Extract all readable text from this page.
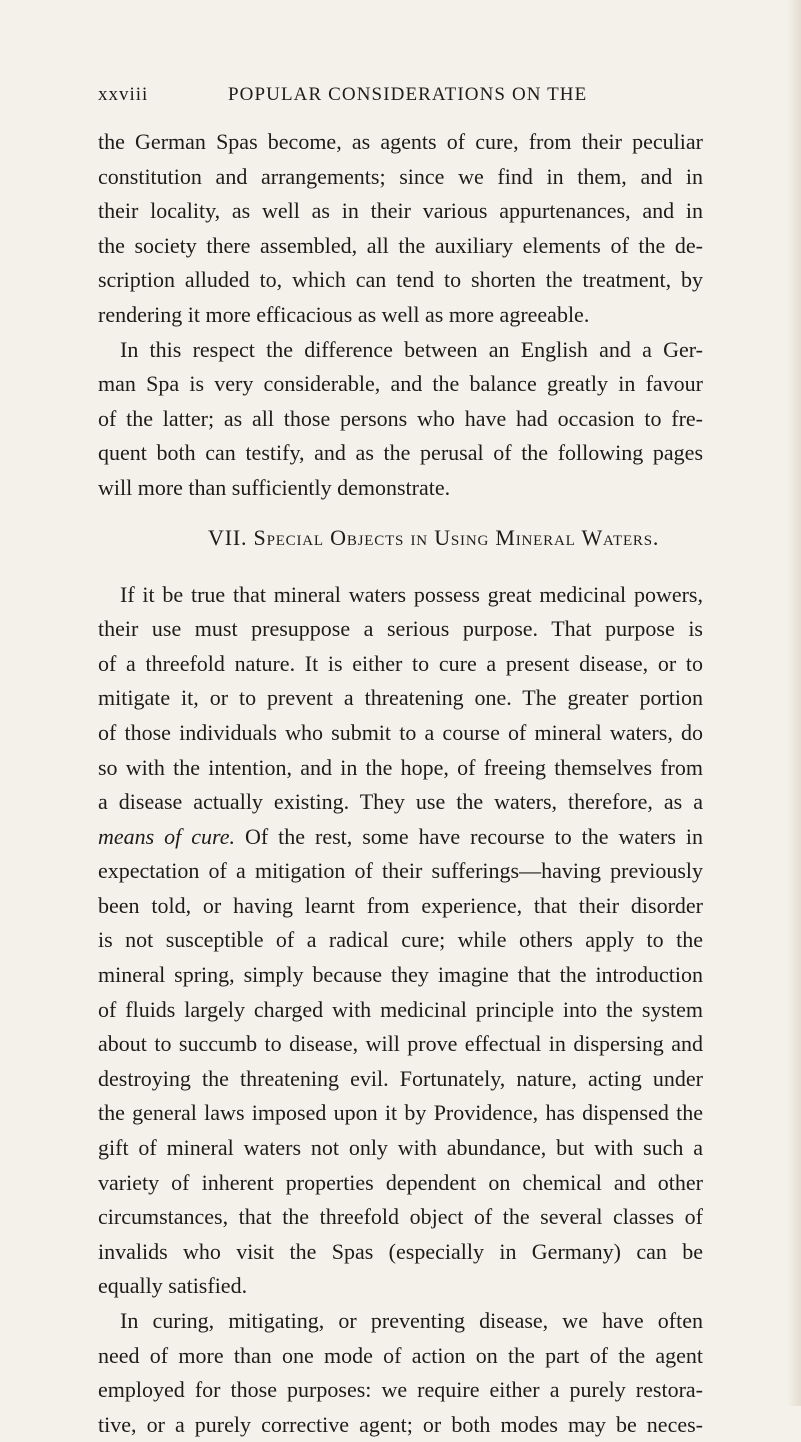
xxviii	POPULAR CONSIDERATIONS ON THE
the German Spas become, as agents of cure, from their peculiar
constitution and arrangements; since we find in them, and in
their locality, as well as in their various appurtenances, and in
the society there assembled, all the auxiliary elements of the de-
scription alluded to, which can tend to shorten the treatment, by
rendering it more efficacious as well as more agreeable.
In this respect the difference between an English and a Ger-
man Spa is very considerable, and the balance greatly in favour
of the latter; as all those persons who have had occasion to fre-
quent both can testify, and as the perusal of the following pages
will more than sufficiently demonstrate.
VII. Special Objects in Using Mineral Waters.
If it be true that mineral waters possess great medicinal powers,
their use must presuppose a serious purpose. That purpose is
of a threefold nature. It is either to cure a present disease, or to
mitigate it, or to prevent a threatening one. The greater portion
of those individuals who submit to a course of mineral waters, do
so with the intention, and in the hope, of freeing themselves from
a disease actually existing. They use the waters, therefore, as a
means of cure. Of the rest, some have recourse to the waters in
expectation of a mitigation of their sufferings—having previously
been told, or having learnt from experience, that their disorder
is not susceptible of a radical cure; while others apply to the
mineral spring, simply because they imagine that the introduction
of fluids largely charged with medicinal principle into the system
about to succumb to disease, will prove effectual in dispersing and
destroying the threatening evil. Fortunately, nature, acting under
the general laws imposed upon it by Providence, has dispensed the
gift of mineral waters not only with abundance, but with such a
variety of inherent properties dependent on chemical and other
circumstances, that the threefold object of the several classes of
invalids who visit the Spas (especially in Germany) can be
equally satisfied.
In curing, mitigating, or preventing disease, we have often
need of more than one mode of action on the part of the agent
employed for those purposes: we require either a purely restora-
tive, or a purely corrective agent; or both modes may be neces-
